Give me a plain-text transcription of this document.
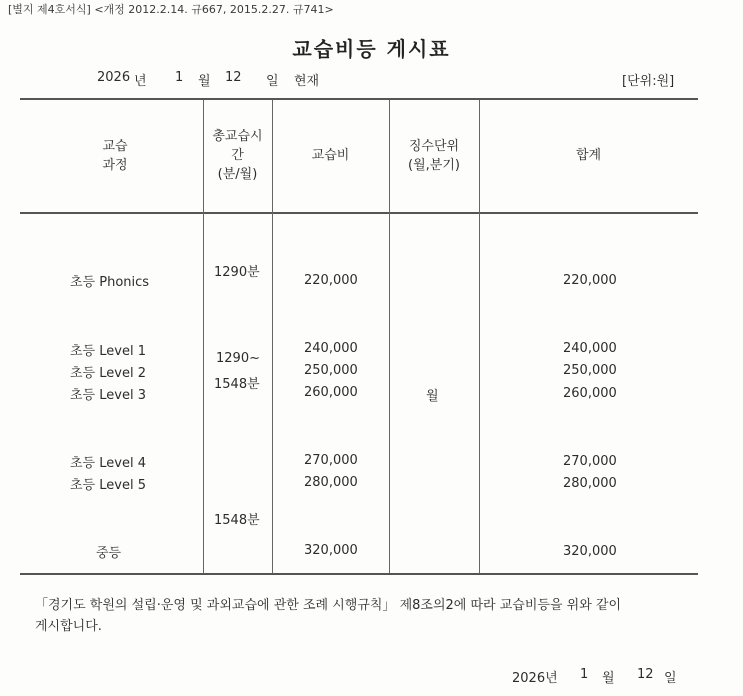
[별지 제4호서식] <개정 2012.2.14. 규667, 2015.2.27. 규741>
교습비등 게시표
2026 년 1 월 12 일 현재	[단위:원]
교습
과정
총교습시
간
(분/월)
교습비
징수단위
(월,분기)
합계
초등 Phonics
초등 Level 1
초등 Level 2
초등 Level 3
초등 Level 4
초등 Level 5
중등
1290분
1290~
1548분
1548분
220,000
240,000
250,000
260,000
270,000
280,000
320,000
월
220,000
240,000
250,000
260,000
270,000
280,000
320,000
「경기도 학원의 설립·운영 및 과외교습에 관한 조례 시행규칙」 제8조의2에 따라 교습비등을 위와 같이
게시합니다.
2026년 1 월 12 일
